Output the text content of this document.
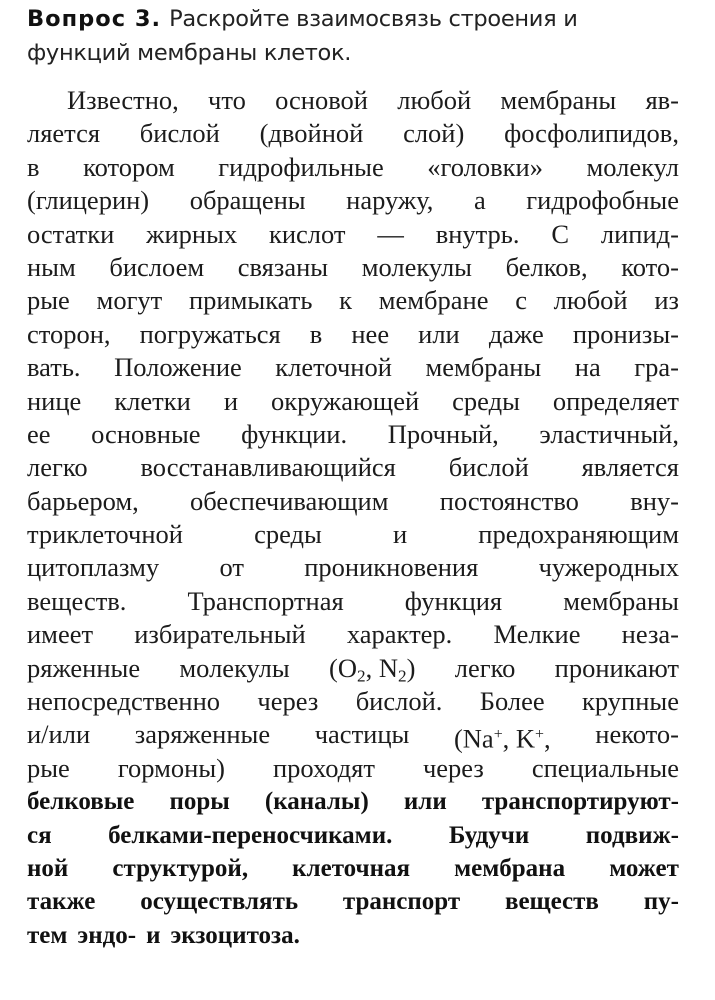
Вопрос 3. Раскройте взаимосвязь строения и
функций мембраны клеток.
Известно, что основой любой мембраны яв-
ляется бислой (двойной слой) фосфолипидов,
в котором гидрофильные «головки» молекул
(глицерин) обращены наружу, а гидрофобные
остатки жирных кислот — внутрь. С липид-
ным бислоем связаны молекулы белков, кото-
рые могут примыкать к мембране с любой из
сторон, погружаться в нее или даже пронизы-
вать. Положение клеточной мембраны на гра-
нице клетки и окружающей среды определяет
ее основные функции. Прочный, эластичный,
легко восстанавливающийся бислой является
барьером, обеспечивающим постоянство вну-
триклеточной	среды	и	предохраняющим
цитоплазму от проникновения чужеродных
веществ. Транспортная функция мембраны
имеет избирательный характер. Мелкие неза-
ряженные молекулы ($O_2$, $N_2$) легко проникают
непосредственно через бислой. Более крупные
и/или заряженные частицы (Na+, K+, некото-
рые гормоны) проходят через специальные
белковые поры (каналы) или транспортируют-
ся белками-переносчиками. Будучи подвиж-
ной структурой, клеточная мембрана может
также осуществлять транспорт веществ пу-
тем эндо- и экзоцитоза.
